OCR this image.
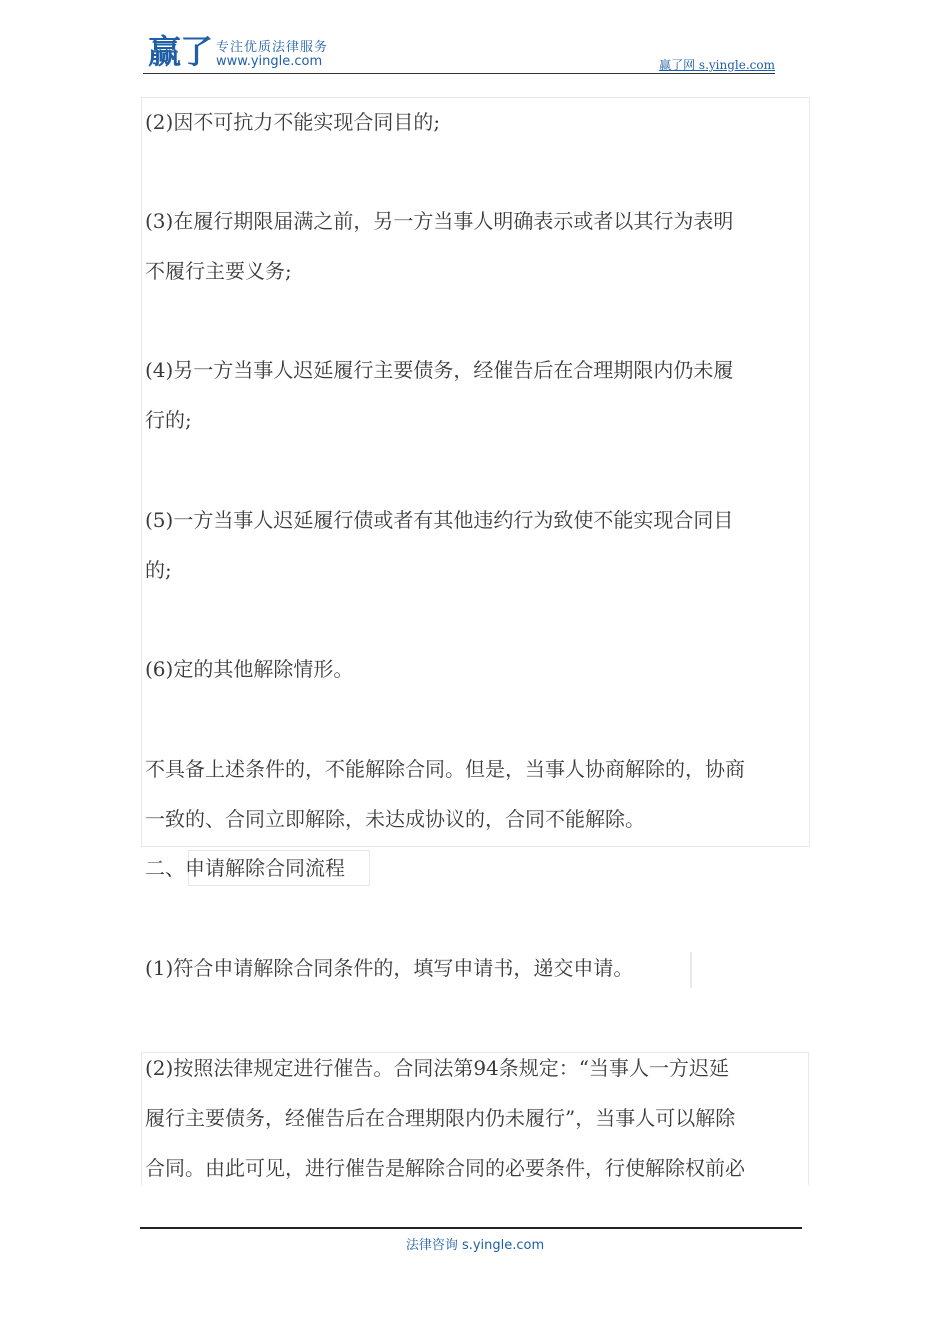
赢了 专注优质法律服务
www.yingle.com	赢了网 s.yingle.com
(2)因不可抗力不能实现合同目的;
(3)在履行期限届满之前，另一方当事人明确表示或者以其行为表明
不履行主要义务;
(4)另一方当事人迟延履行主要债务，经催告后在合理期限内仍未履
行的;
(5)一方当事人迟延履行债或者有其他违约行为致使不能实现合同目
的;
(6)定的其他解除情形。
不具备上述条件的，不能解除合同。但是，当事人协商解除的，协商
一致的、合同立即解除，未达成协议的，合同不能解除。
二、申请解除合同流程
(1)符合申请解除合同条件的，填写申请书，递交申请。
(2)按照法律规定进行催告。合同法第94条规定：“当事人一方迟延
履行主要债务，经催告后在合理期限内仍未履行”，当事人可以解除
合同。由此可见，进行催告是解除合同的必要条件，行使解除权前必
法律咨询 s.yingle.com
